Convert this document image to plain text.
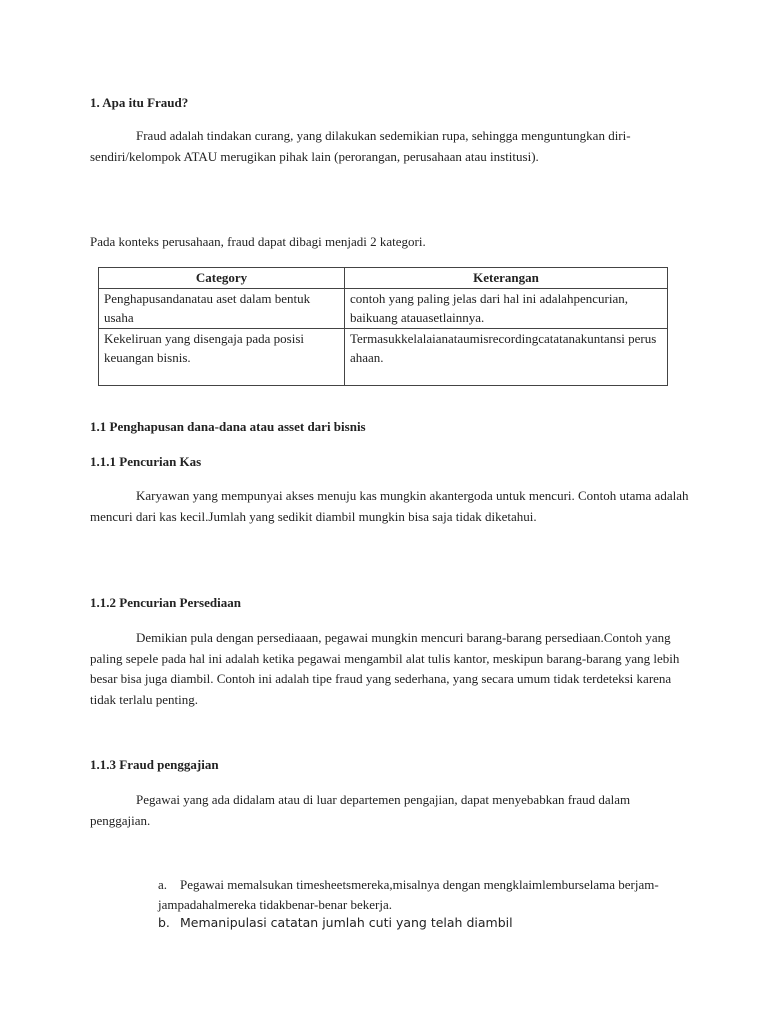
1. Apa itu Fraud?
Fraud adalah tindakan curang, yang dilakukan sedemikian rupa, sehingga menguntungkan diri-sendiri/kelompok ATAU merugikan pihak lain (perorangan, perusahaan atau institusi).
Pada konteks perusahaan, fraud dapat dibagi menjadi 2 kategori.
Category	Keterangan
Penghapusandanatau aset dalam bentuk usaha	contoh yang paling jelas dari hal ini adalahpencurian, baikuang atauasetlainnya.
Kekeliruan yang disengaja pada posisi keuangan bisnis.	Termasukkelalaianataumisrecordingcatatanakuntansi perusahaan.
1.1 Penghapusan dana-dana atau asset dari bisnis
1.1.1 Pencurian Kas
Karyawan yang mempunyai akses menuju kas mungkin akantergoda untuk mencuri. Contoh utama adalah mencuri dari kas kecil.Jumlah yang sedikit diambil mungkin bisa saja tidak diketahui.
1.1.2 Pencurian Persediaan
Demikian pula dengan persediaaan, pegawai mungkin mencuri barang-barang persediaan.Contoh yang paling sepele pada hal ini adalah ketika pegawai mengambil alat tulis kantor, meskipun barang-barang yang lebih besar bisa juga diambil. Contoh ini adalah tipe fraud yang sederhana, yang secara umum tidak terdeteksi karena tidak terlalu penting.
1.1.3 Fraud penggajian
Pegawai yang ada didalam atau di luar departemen pengajian, dapat menyebabkan fraud dalam penggajian.
a. Pegawai memalsukan timesheetsmereka,misalnya dengan mengklaimlemburselama berjam-jampadahalmereka tidakbenar-benar bekerja.
b. Memanipulasi catatan jumlah cuti yang telah diambil
